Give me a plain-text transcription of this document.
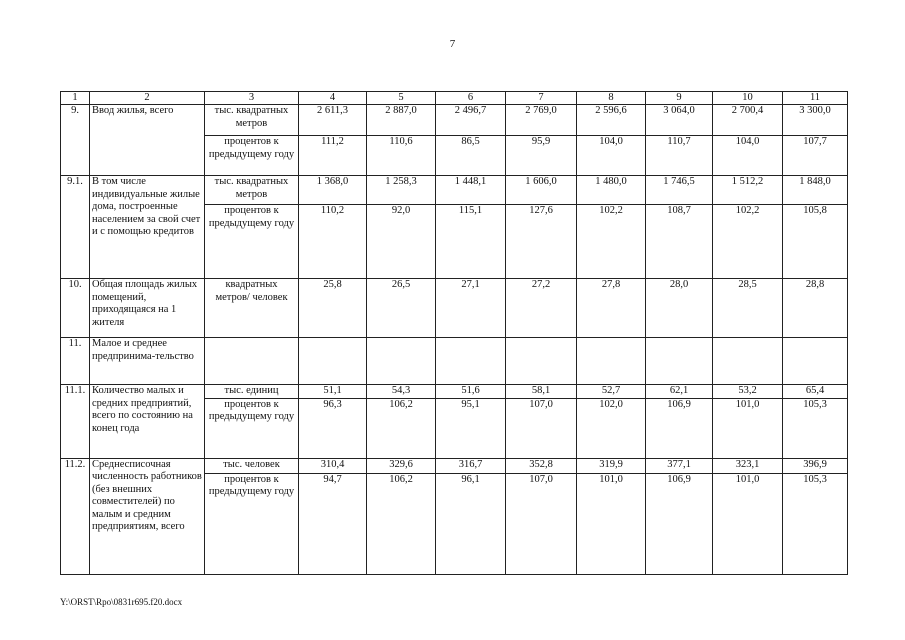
7
1	2	3	4	5	6	7	8	9	10	11
9.	Ввод жилья, всего	тыс. квадратных метров	2 611,3	2 887,0	2 496,7	2 769,0	2 596,6	3 064,0	2 700,4	3 300,0
		процентов к предыдущему году	111,2	110,6	86,5	95,9	104,0	110,7	104,0	107,7
9.1.	В том числе индивидуальные жилые дома, построенные населением за свой счет и с помощью кредитов	тыс. квадратных метров	1 368,0	1 258,3	1 448,1	1 606,0	1 480,0	1 746,5	1 512,2	1 848,0
		процентов к предыдущему году	110,2	92,0	115,1	127,6	102,2	108,7	102,2	105,8
10.	Общая площадь жилых помещений, приходящаяся на 1 жителя	квадратных метров/ человек	25,8	26,5	27,1	27,2	27,8	28,0	28,5	28,8
11.	Малое и среднее предпринима-тельство									
11.1.	Количество малых и средних предприятий, всего по состоянию на конец года	тыс. единиц	51,1	54,3	51,6	58,1	52,7	62,1	53,2	65,4
		процентов к предыдущему году	96,3	106,2	95,1	107,0	102,0	106,9	101,0	105,3
11.2.	Среднесписочная численность работников (без внешних совместителей) по малым и средним предприятиям, всего	тыс. человек	310,4	329,6	316,7	352,8	319,9	377,1	323,1	396,9
		процентов к предыдущему году	94,7	106,2	96,1	107,0	101,0	106,9	101,0	105,3
Y:\ORST\Rpo\0831r695.f20.docx
